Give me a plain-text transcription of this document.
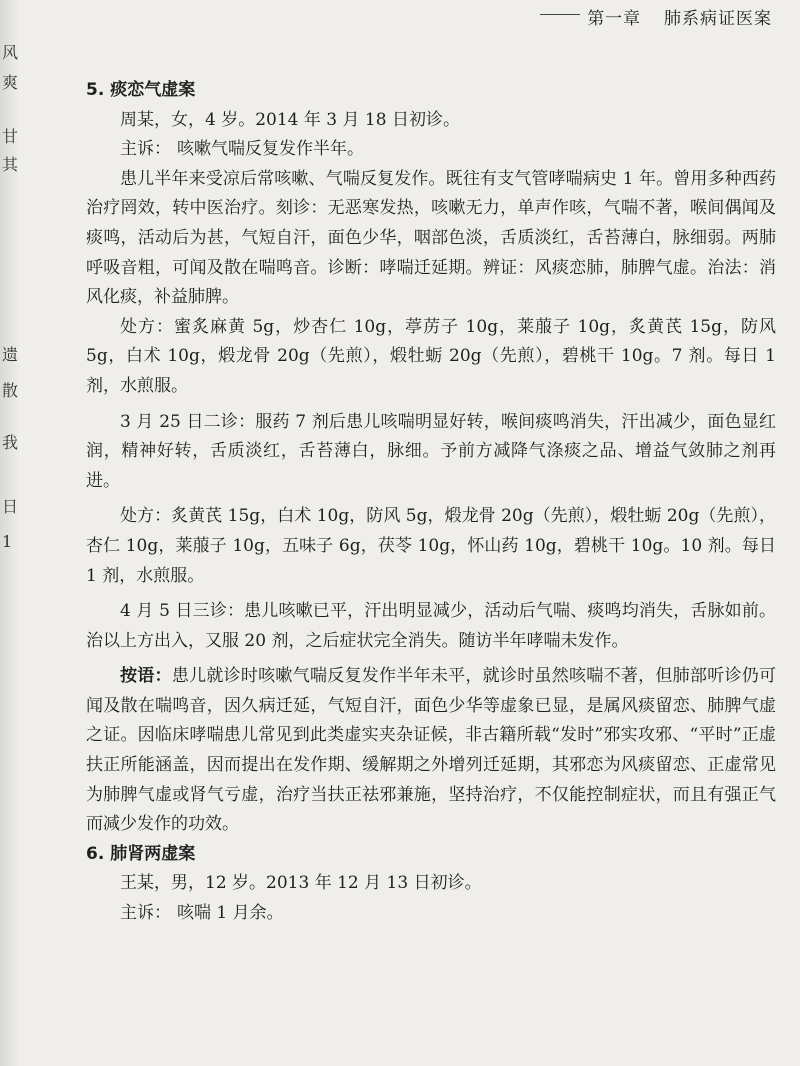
风
爽
甘
其
遗
散
我
日
1
第一章 肺系病证医案

5. 痰恋气虚案

周某，女，4 岁。2014 年 3 月 18 日初诊。

主诉： 咳嗽气喘反复发作半年。

患儿半年来受凉后常咳嗽、气喘反复发作。既往有支气管哮喘病史 1 年。曾用多种西药治疗罔效，转中医治疗。刻诊：无恶寒发热，咳嗽无力，单声作咳，气喘不著，喉间偶闻及痰鸣，活动后为甚，气短自汗，面色少华，咽部色淡，舌质淡红，舌苔薄白，脉细弱。两肺呼吸音粗，可闻及散在喘鸣音。诊断：哮喘迁延期。辨证：风痰恋肺，肺脾气虚。治法：消风化痰，补益肺脾。

处方：蜜炙麻黄 5g，炒杏仁 10g，葶苈子 10g，莱菔子 10g，炙黄芪 15g，防风 5g，白术 10g，煅龙骨 20g（先煎），煅牡蛎 20g（先煎），碧桃干 10g。7 剂。每日 1 剂，水煎服。

3 月 25 日二诊：服药 7 剂后患儿咳喘明显好转，喉间痰鸣消失，汗出减少，面色显红润，精神好转，舌质淡红，舌苔薄白，脉细。予前方减降气涤痰之品、增益气敛肺之剂再进。

处方：炙黄芪 15g，白术 10g，防风 5g，煅龙骨 20g（先煎），煅牡蛎 20g（先煎），杏仁 10g，莱菔子 10g，五味子 6g，茯苓 10g，怀山药 10g，碧桃干 10g。10 剂。每日 1 剂，水煎服。

4 月 5 日三诊：患儿咳嗽已平，汗出明显减少，活动后气喘、痰鸣均消失，舌脉如前。治以上方出入，又服 20 剂，之后症状完全消失。随访半年哮喘未发作。

按语：患儿就诊时咳嗽气喘反复发作半年未平，就诊时虽然咳喘不著，但肺部听诊仍可闻及散在喘鸣音，因久病迁延，气短自汗，面色少华等虚象已显，是属风痰留恋、肺脾气虚之证。因临床哮喘患儿常见到此类虚实夹杂证候，非古籍所载“发时”邪实攻邪、“平时”正虚扶正所能涵盖，因而提出在发作期、缓解期之外增列迁延期，其邪恋为风痰留恋、正虚常见为肺脾气虚或肾气亏虚，治疗当扶正祛邪兼施，坚持治疗，不仅能控制症状，而且有强正气而减少发作的功效。

6. 肺肾两虚案

王某，男，12 岁。2013 年 12 月 13 日初诊。

主诉： 咳喘 1 月余。
